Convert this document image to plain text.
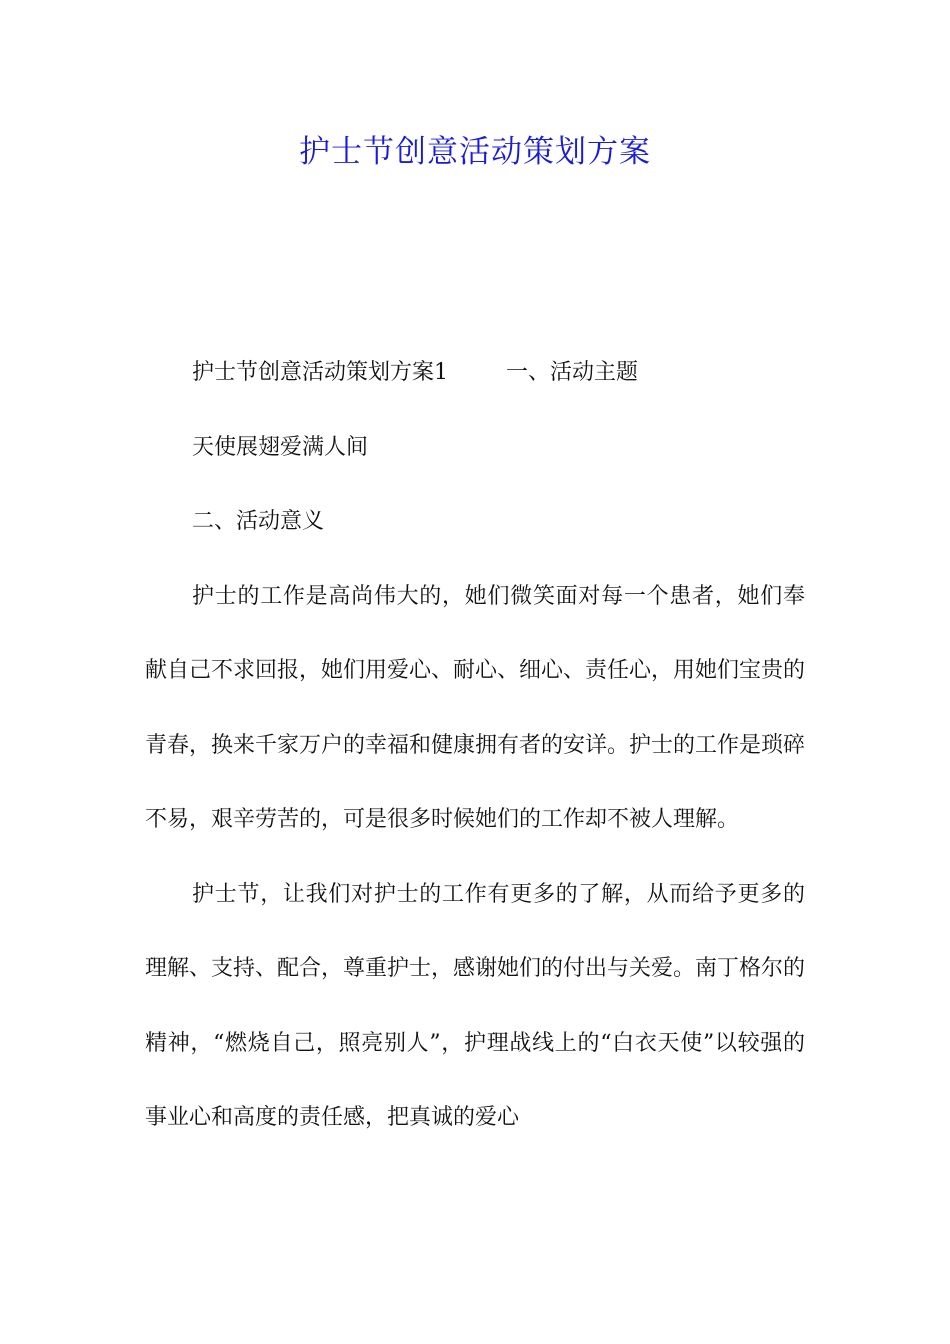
护士节创意活动策划方案

护士节创意活动策划方案1	一、活动主题

天使展翅爱满人间

二、活动意义

护士的工作是高尚伟大的，她们微笑面对每一个患者，她们奉献自己不求回报，她们用爱心、耐心、细心、责任心，用她们宝贵的青春，换来千家万户的幸福和健康拥有者的安详。护士的工作是琐碎不易，艰辛劳苦的，可是很多时候她们的工作却不被人理解。

护士节，让我们对护士的工作有更多的了解，从而给予更多的理解、支持、配合，尊重护士，感谢她们的付出与关爱。南丁格尔的精神，“燃烧自己，照亮别人”，护理战线上的“白衣天使”以较强的事业心和高度的责任感，把真诚的爱心
